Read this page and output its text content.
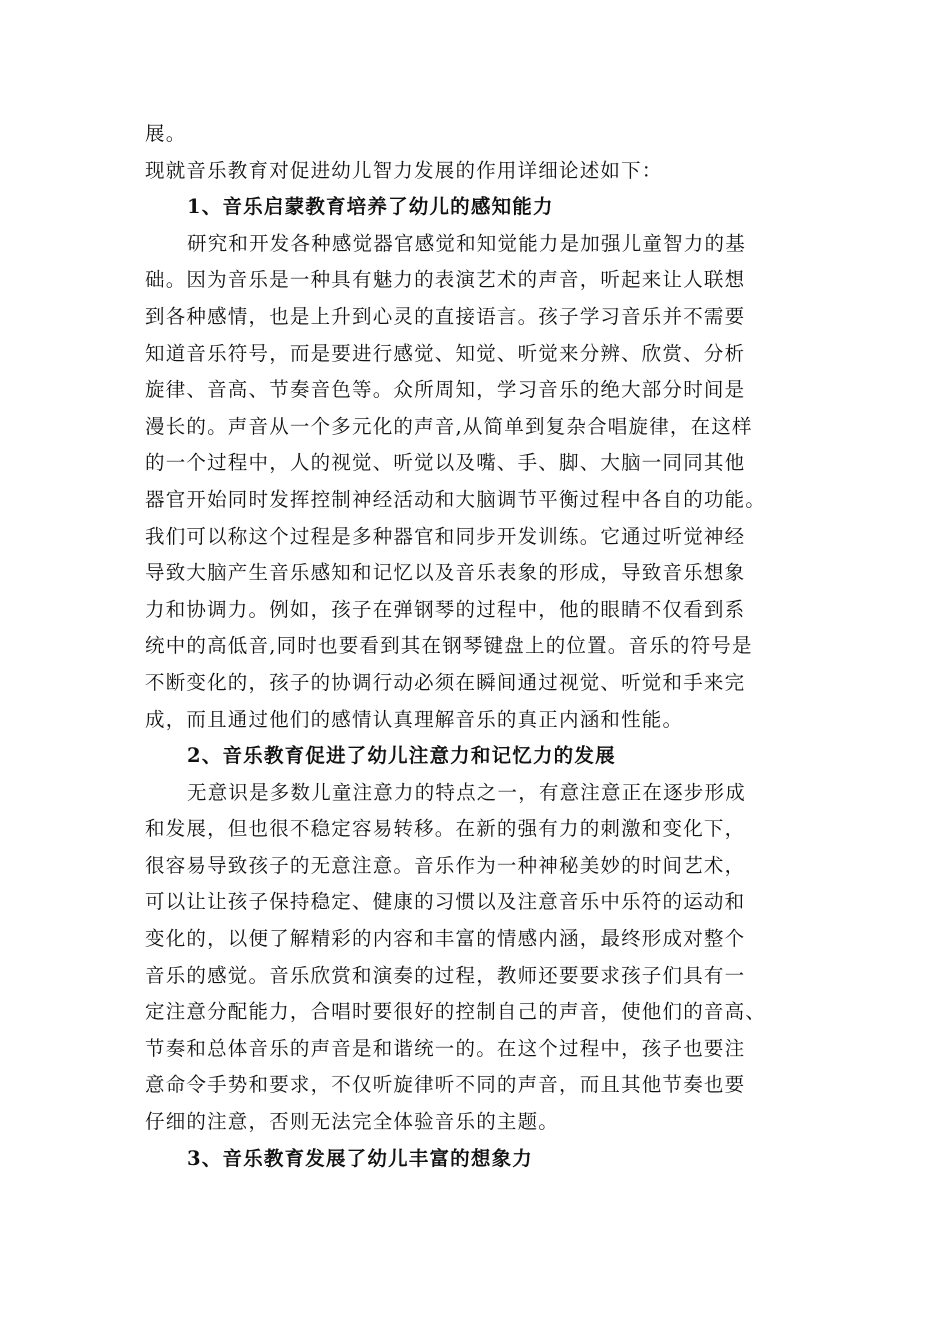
展。
现就音乐教育对促进幼儿智力发展的作用详细论述如下：
1、音乐启蒙教育培养了幼儿的感知能力
研究和开发各种感觉器官感觉和知觉能力是加强儿童智力的基
础。因为音乐是一种具有魅力的表演艺术的声音，听起来让人联想
到各种感情，也是上升到心灵的直接语言。孩子学习音乐并不需要
知道音乐符号，而是要进行感觉、知觉、听觉来分辨、欣赏、分析
旋律、音高、节奏音色等。众所周知，学习音乐的绝大部分时间是
漫长的。声音从一个多元化的声音,从简单到复杂合唱旋律，在这样
的一个过程中，人的视觉、听觉以及嘴、手、脚、大脑一同同其他
器官开始同时发挥控制神经活动和大脑调节平衡过程中各自的功能。
我们可以称这个过程是多种器官和同步开发训练。它通过听觉神经
导致大脑产生音乐感知和记忆以及音乐表象的形成，导致音乐想象
力和协调力。例如，孩子在弹钢琴的过程中，他的眼睛不仅看到系
统中的高低音,同时也要看到其在钢琴键盘上的位置。音乐的符号是
不断变化的，孩子的协调行动必须在瞬间通过视觉、听觉和手来完
成，而且通过他们的感情认真理解音乐的真正内涵和性能。
2、音乐教育促进了幼儿注意力和记忆力的发展
无意识是多数儿童注意力的特点之一，有意注意正在逐步形成
和发展，但也很不稳定容易转移。在新的强有力的刺激和变化下，
很容易导致孩子的无意注意。音乐作为一种神秘美妙的时间艺术，
可以让让孩子保持稳定、健康的习惯以及注意音乐中乐符的运动和
变化的，以便了解精彩的内容和丰富的情感内涵，最终形成对整个
音乐的感觉。音乐欣赏和演奏的过程，教师还要要求孩子们具有一
定注意分配能力，合唱时要很好的控制自己的声音，使他们的音高、
节奏和总体音乐的声音是和谐统一的。在这个过程中，孩子也要注
意命令手势和要求，不仅听旋律听不同的声音，而且其他节奏也要
仔细的注意，否则无法完全体验音乐的主题。
3、音乐教育发展了幼儿丰富的想象力
